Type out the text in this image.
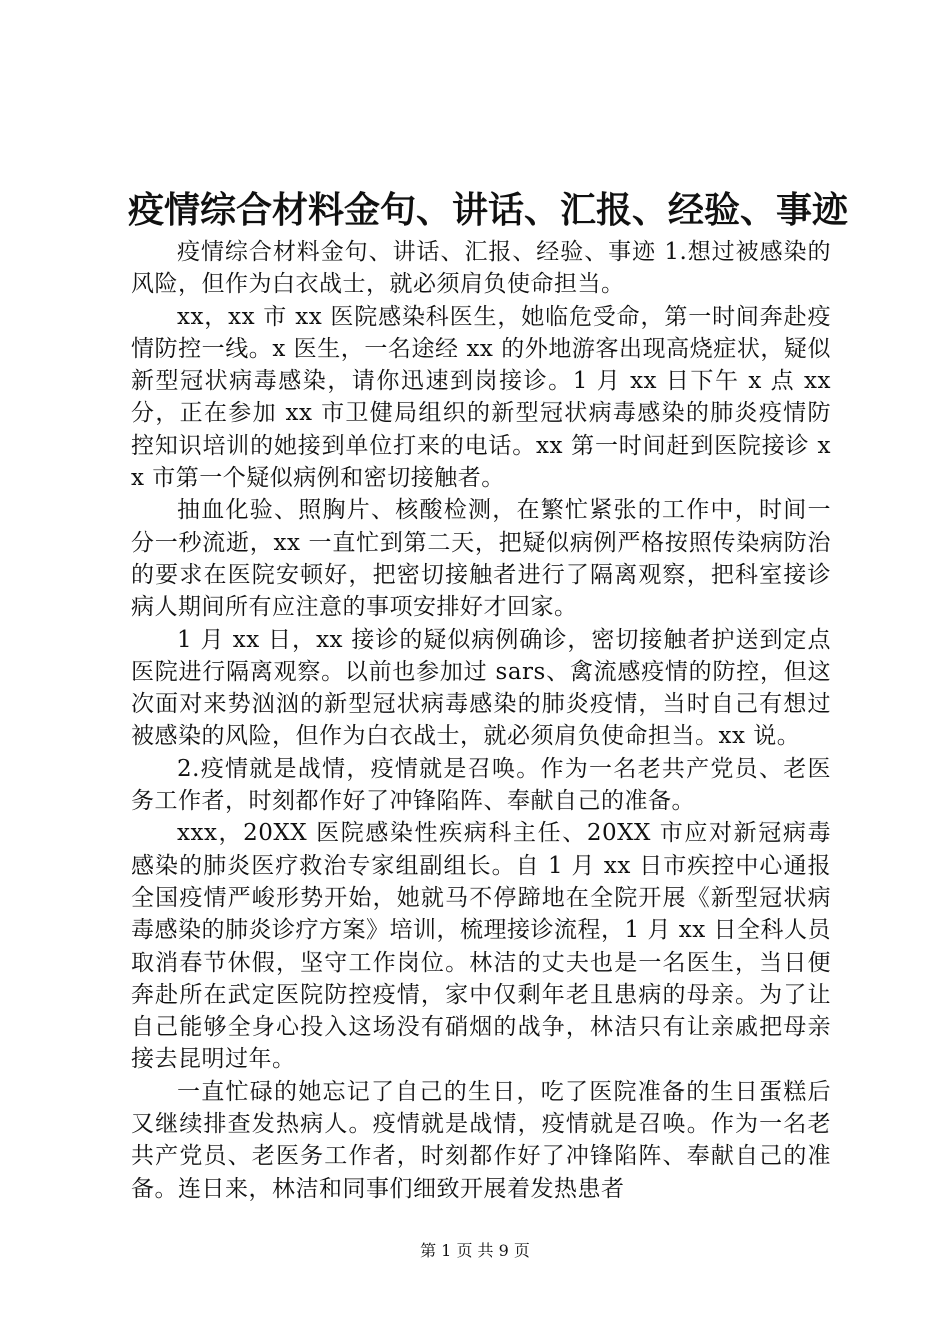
疫情综合材料金句、讲话、汇报、经验、事迹

疫情综合材料金句、讲话、汇报、经验、事迹 1.想过被感染的风险，但作为白衣战士，就必须肩负使命担当。

xx，xx 市 xx 医院感染科医生，她临危受命，第一时间奔赴疫情防控一线。x 医生，一名途经 xx 的外地游客出现高烧症状，疑似新型冠状病毒感染，请你迅速到岗接诊。1 月 xx 日下午 x 点 xx 分，正在参加 xx 市卫健局组织的新型冠状病毒感染的肺炎疫情防控知识培训的她接到单位打来的电话。xx 第一时间赶到医院接诊 xx 市第一个疑似病例和密切接触者。

抽血化验、照胸片、核酸检测，在繁忙紧张的工作中，时间一分一秒流逝，xx 一直忙到第二天，把疑似病例严格按照传染病防治的要求在医院安顿好，把密切接触者进行了隔离观察，把科室接诊病人期间所有应注意的事项安排好才回家。

1 月 xx 日，xx 接诊的疑似病例确诊，密切接触者护送到定点医院进行隔离观察。以前也参加过 sars、禽流感疫情的防控，但这次面对来势汹汹的新型冠状病毒感染的肺炎疫情，当时自己有想过被感染的风险，但作为白衣战士，就必须肩负使命担当。xx 说。

2.疫情就是战情，疫情就是召唤。作为一名老共产党员、老医务工作者，时刻都作好了冲锋陷阵、奉献自己的准备。

xxx，20XX 医院感染性疾病科主任、20XX 市应对新冠病毒感染的肺炎医疗救治专家组副组长。自 1 月 xx 日市疾控中心通报全国疫情严峻形势开始，她就马不停蹄地在全院开展《新型冠状病毒感染的肺炎诊疗方案》培训，梳理接诊流程，1 月 xx 日全科人员取消春节休假，坚守工作岗位。林洁的丈夫也是一名医生，当日便奔赴所在武定医院防控疫情，家中仅剩年老且患病的母亲。为了让自己能够全身心投入这场没有硝烟的战争，林洁只有让亲戚把母亲接去昆明过年。

一直忙碌的她忘记了自己的生日，吃了医院准备的生日蛋糕后又继续排查发热病人。疫情就是战情，疫情就是召唤。作为一名老共产党员、老医务工作者，时刻都作好了冲锋陷阵、奉献自己的准备。连日来，林洁和同事们细致开展着发热患者

第 1 页 共 9 页
